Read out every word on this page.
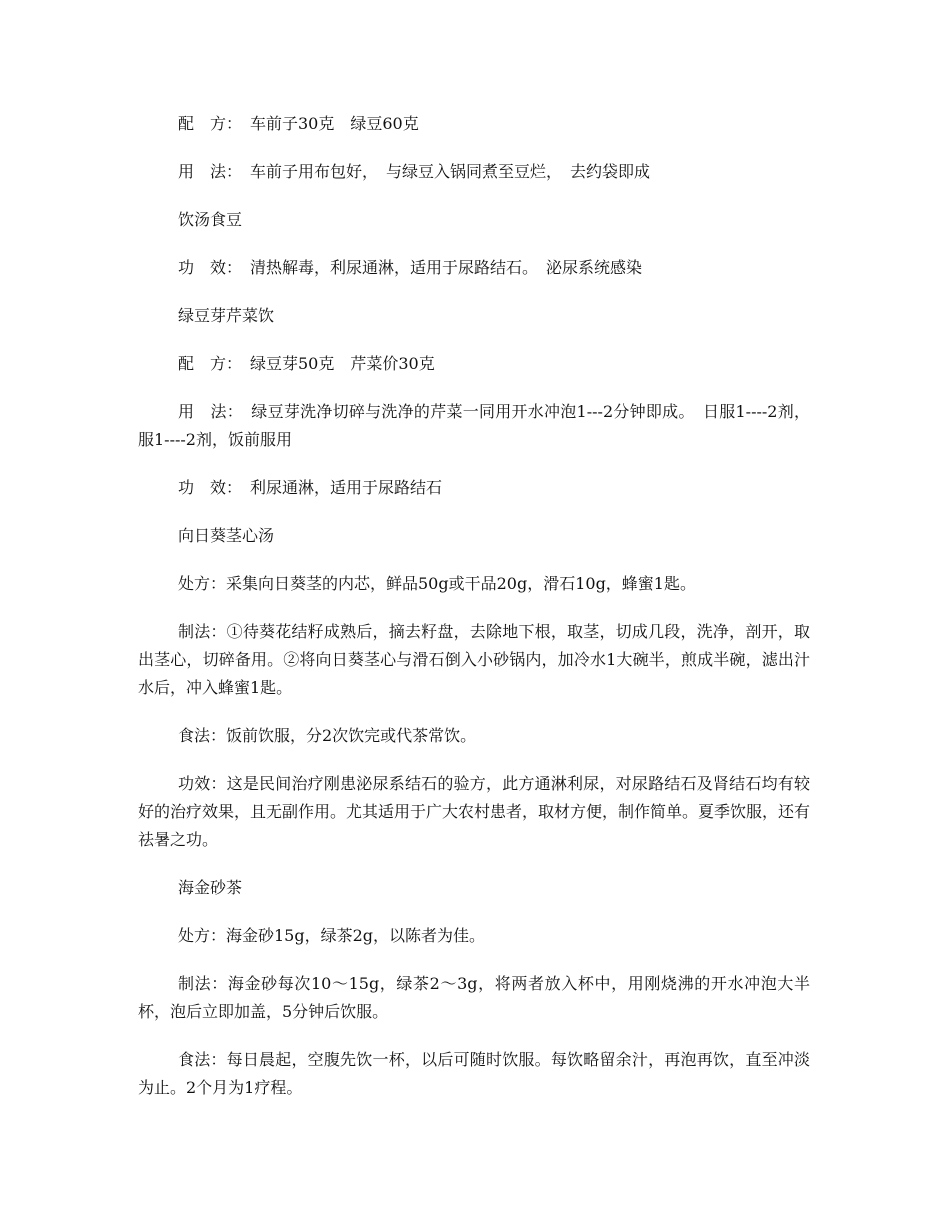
配　方：　车前子30克　绿豆60克

用　法：　车前子用布包好，　与绿豆入锅同煮至豆烂，　去约袋即成

饮汤食豆

功　效：　清热解毒，利尿通淋，适用于尿路结石。　泌尿系统感染

绿豆芽芹菜饮

配　方：　绿豆芽50克　芹菜价30克

用　法：　绿豆芽洗净切碎与洗净的芹菜一同用开水冲泡1---2分钟即成。　日服1----2剂，服1----2剂，饭前服用

功　效：　利尿通淋，适用于尿路结石

向日葵茎心汤

处方：采集向日葵茎的内芯，鲜品50g或干品20g，滑石10g，蜂蜜1匙。

制法：①待葵花结籽成熟后，摘去籽盘，去除地下根，取茎，切成几段，洗净，剖开，取出茎心，切碎备用。②将向日葵茎心与滑石倒入小砂锅内，加冷水1大碗半，煎成半碗，滤出汁水后，冲入蜂蜜1匙。

食法：饭前饮服，分2次饮完或代茶常饮。

功效：这是民间治疗刚患泌尿系结石的验方，此方通淋利尿，对尿路结石及肾结石均有较好的治疗效果，且无副作用。尤其适用于广大农村患者，取材方便，制作简单。夏季饮服，还有祛暑之功。

海金砂茶

处方：海金砂15g，绿茶2g，以陈者为佳。

制法：海金砂每次10～15g，绿茶2～3g，将两者放入杯中，用刚烧沸的开水冲泡大半杯，泡后立即加盖，5分钟后饮服。

食法：每日晨起，空腹先饮一杯，以后可随时饮服。每饮略留余汁，再泡再饮，直至冲淡为止。2个月为1疗程。
